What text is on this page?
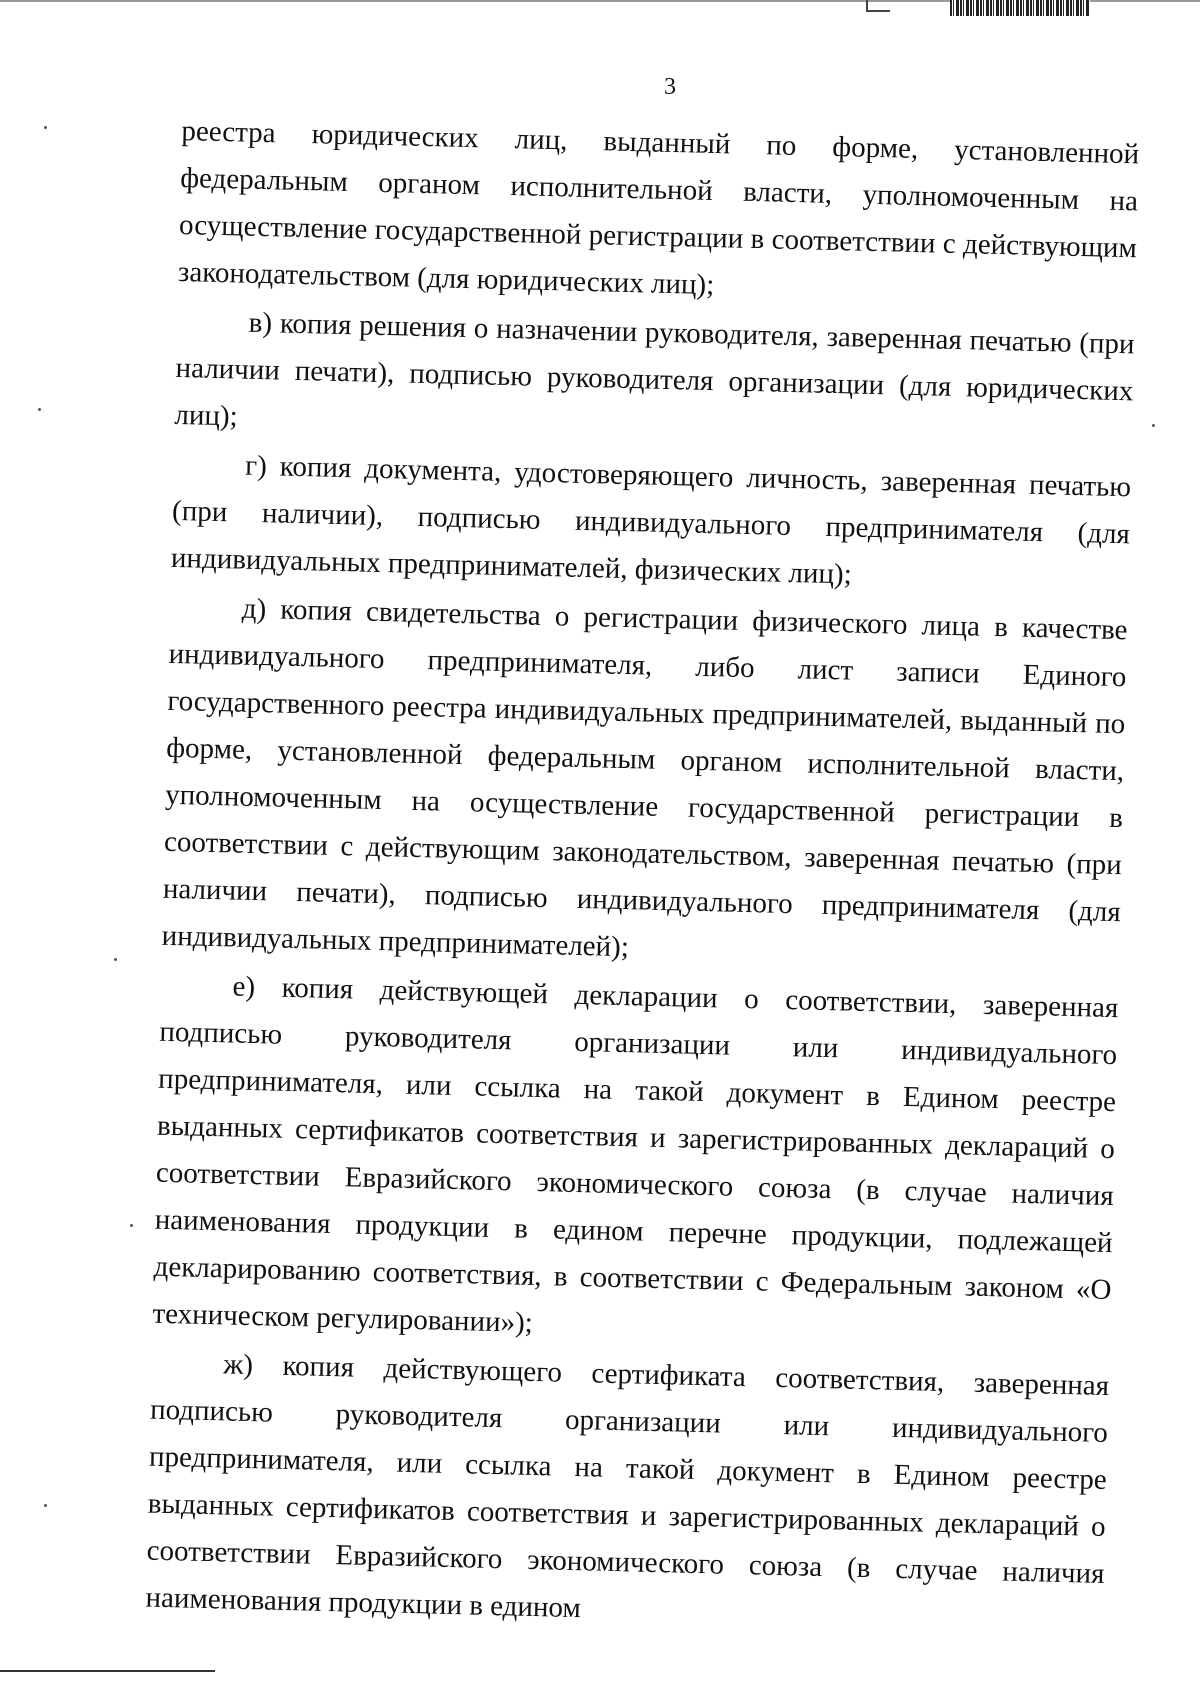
3

реестра юридических лиц, выданный по форме, установленной федеральным органом исполнительной власти, уполномоченным на осуществление государственной регистрации в соответствии с действующим законодательством (для юридических лиц);

в) копия решения о назначении руководителя, заверенная печатью (при наличии печати), подписью руководителя организации (для юридических лиц);

г) копия документа, удостоверяющего личность, заверенная печатью (при наличии), подписью индивидуального предпринимателя (для индивидуальных предпринимателей, физических лиц);

д) копия свидетельства о регистрации физического лица в качестве индивидуального предпринимателя, либо лист записи Единого государственного реестра индивидуальных предпринимателей, выданный по форме, установленной федеральным органом исполнительной власти, уполномоченным на осуществление государственной регистрации в соответствии с действующим законодательством, заверенная печатью (при наличии печати), подписью индивидуального предпринимателя (для индивидуальных предпринимателей);

е) копия действующей декларации о соответствии, заверенная подписью руководителя организации или индивидуального предпринимателя, или ссылка на такой документ в Едином реестре выданных сертификатов соответствия и зарегистрированных деклараций о соответствии Евразийского экономического союза (в случае наличия наименования продукции в едином перечне продукции, подлежащей декларированию соответствия, в соответствии с Федеральным законом «О техническом регулировании»);

ж) копия действующего сертификата соответствия, заверенная подписью руководителя организации или индивидуального предпринимателя, или ссылка на такой документ в Едином реестре выданных сертификатов соответствия и зарегистрированных деклараций о соответствии Евразийского экономического союза (в случае наличия наименования продукции в едином
